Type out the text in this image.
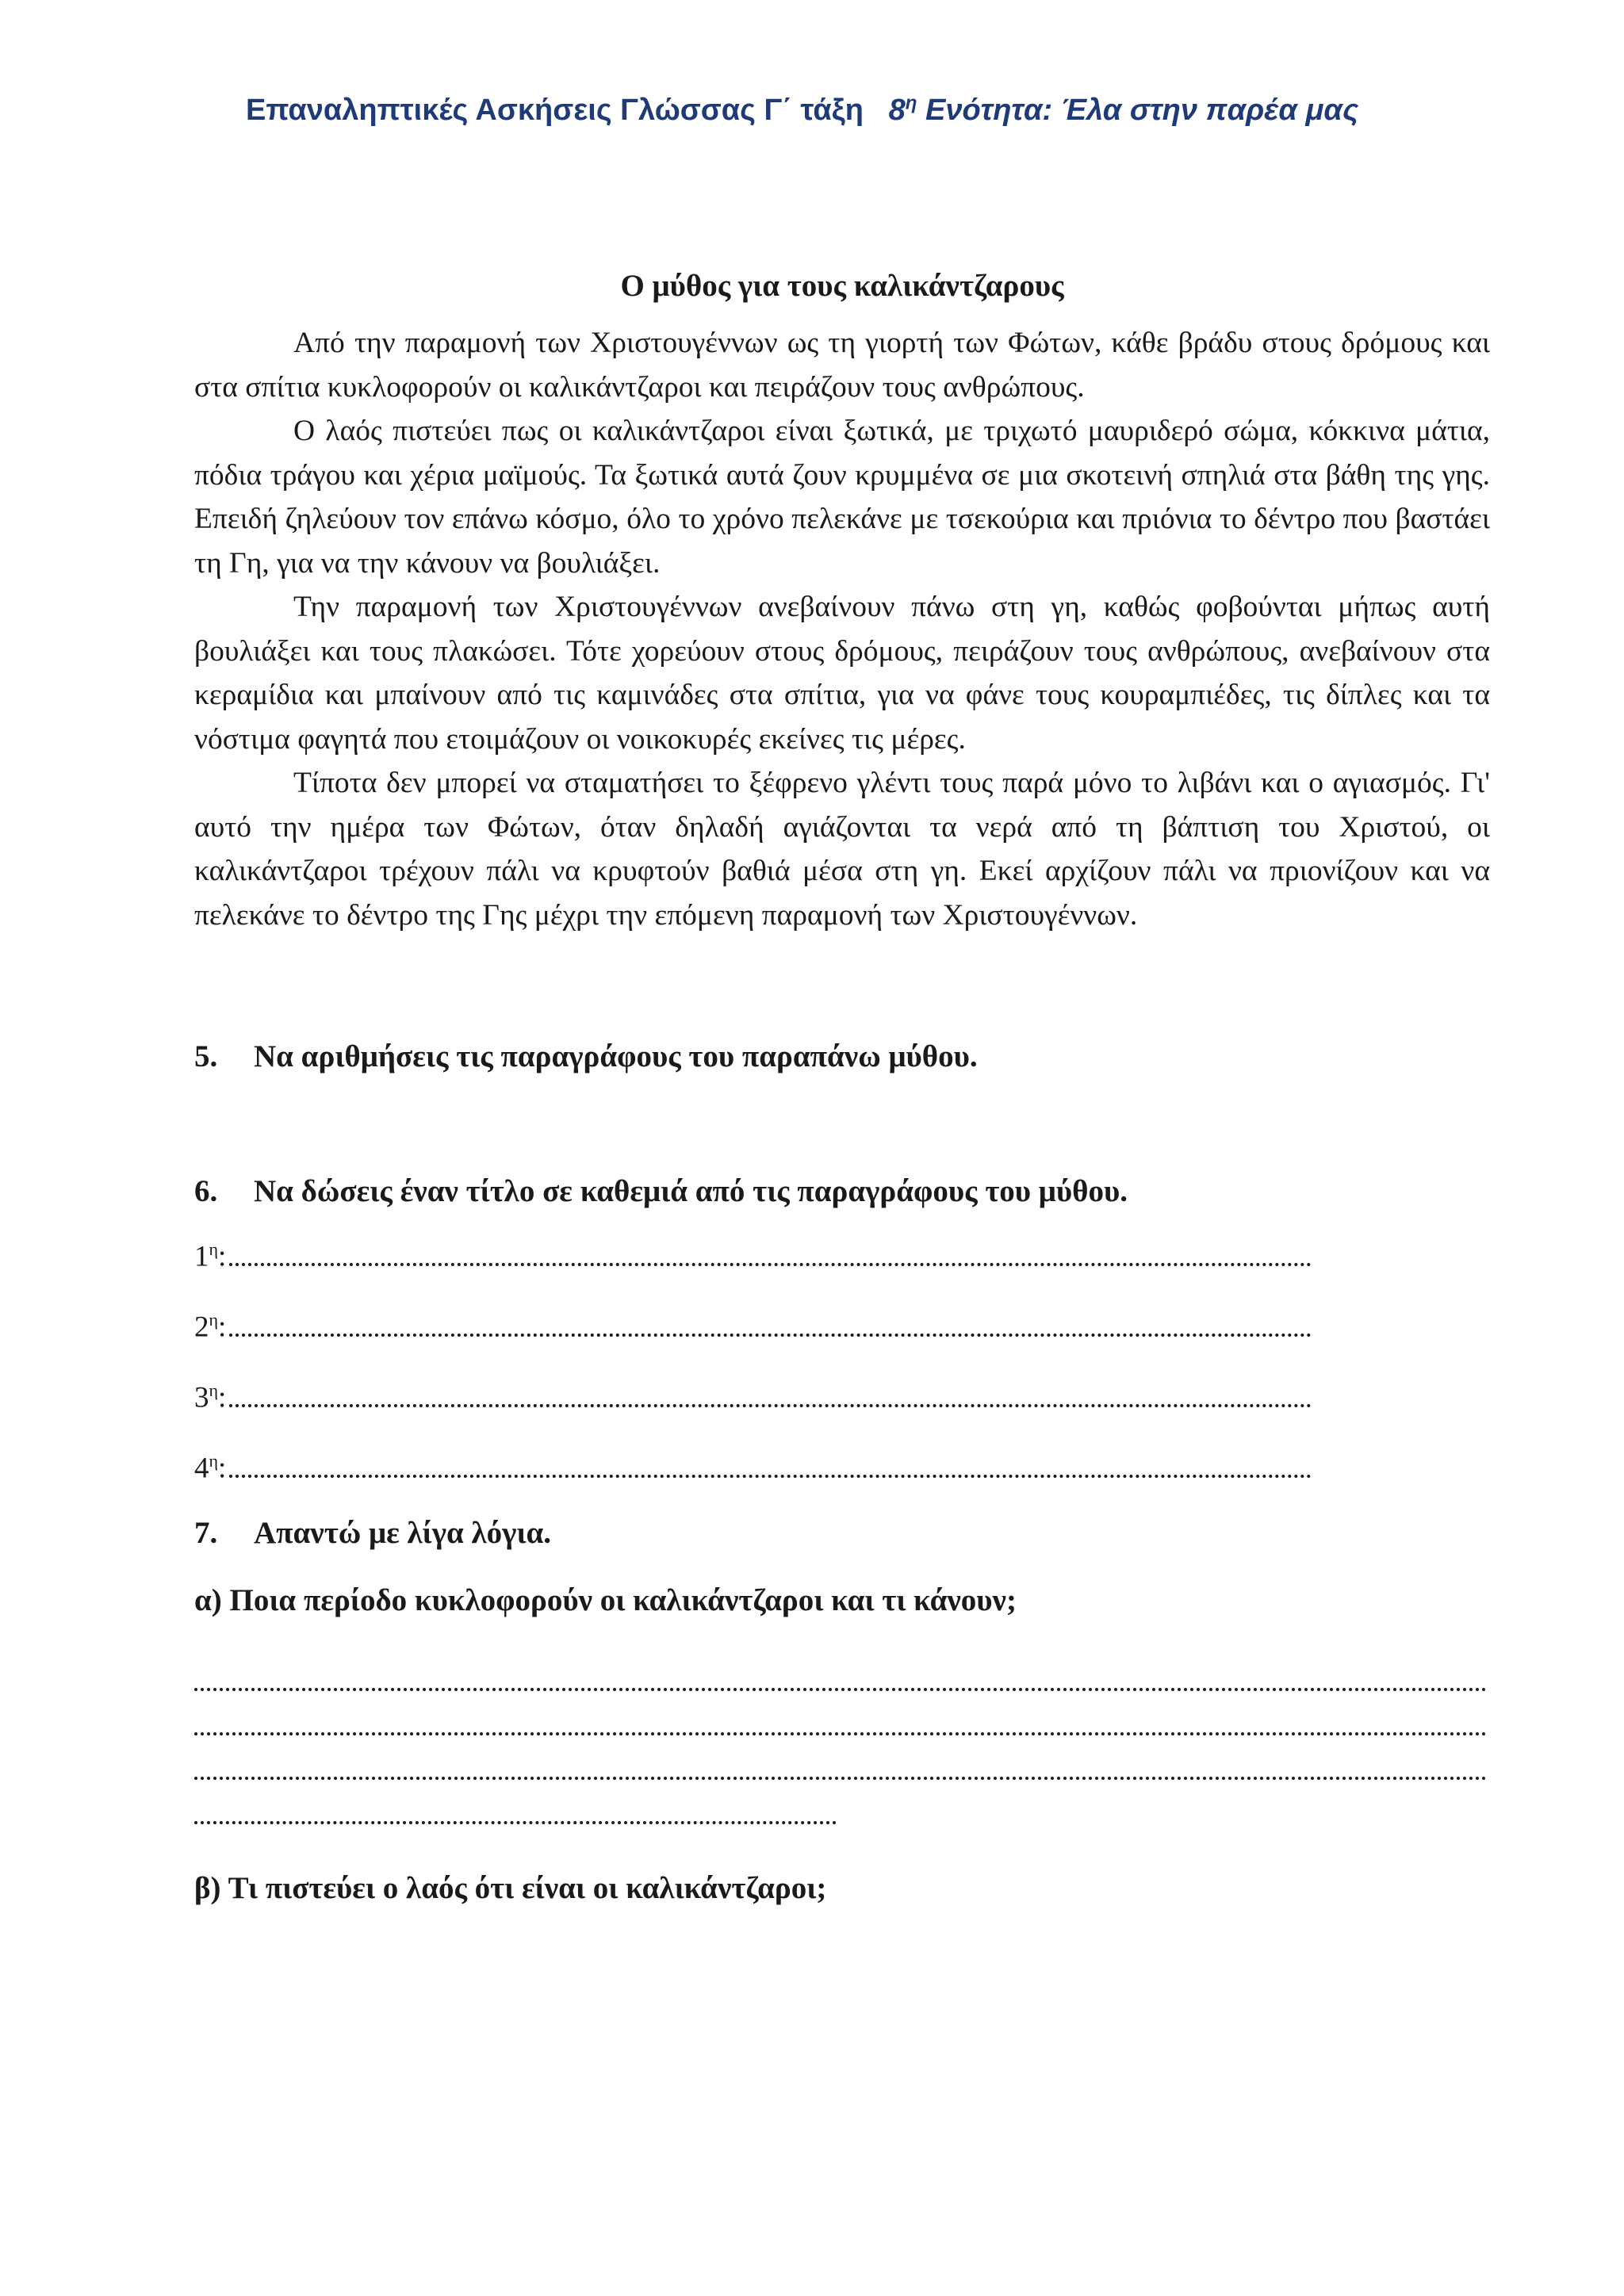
Επαναληπτικές Ασκήσεις Γλώσσας Γ΄ τάξη $8^\eta$ Ενότητα: Έλα στην παρέα μας
Ο μύθος για τους καλικάντζαρους

Από την παραμονή των Χριστουγέννων ως τη γιορτή των Φώτων, κάθε βράδυ στους δρόμους και στα σπίτια κυκλοφορούν οι καλικάντζαροι και πειράζουν τους ανθρώπους.

Ο λαός πιστεύει πως οι καλικάντζαροι είναι ξωτικά, με τριχωτό μαυριδερό σώμα, κόκκινα μάτια, πόδια τράγου και χέρια μαϊμούς. Τα ξωτικά αυτά ζουν κρυμμένα σε μια σκοτεινή σπηλιά στα βάθη της γης. Επειδή ζηλεύουν τον επάνω κόσμο, όλο το χρόνο πελεκάνε με τσεκούρια και πριόνια το δέντρο που βαστάει τη Γη, για να την κάνουν να βουλιάξει.

Την παραμονή των Χριστουγέννων ανεβαίνουν πάνω στη γη, καθώς φοβούνται μήπως αυτή βουλιάξει και τους πλακώσει. Τότε χορεύουν στους δρόμους, πειράζουν τους ανθρώπους, ανεβαίνουν στα κεραμίδια και μπαίνουν από τις καμινάδες στα σπίτια, για να φάνε τους κουραμπιέδες, τις δίπλες και τα νόστιμα φαγητά που ετοιμάζουν οι νοικοκυρές εκείνες τις μέρες.

Τίποτα δεν μπορεί να σταματήσει το ξέφρενο γλέντι τους παρά μόνο το λιβάνι και ο αγιασμός. Γι' αυτό την ημέρα των Φώτων, όταν δηλαδή αγιάζονται τα νερά από τη βάπτιση του Χριστού, οι καλικάντζαροι τρέχουν πάλι να κρυφτούν βαθιά μέσα στη γη. Εκεί αρχίζουν πάλι να πριονίζουν και να πελεκάνε το δέντρο της Γης μέχρι την επόμενη παραμονή των Χριστουγέννων.

5.	Να αριθμήσεις τις παραγράφους του παραπάνω μύθου.
6.	Να δώσεις έναν τίτλο σε καθεμιά από τις παραγράφους του μύθου.
$1^\eta$:
$2^\eta$:
$3^\eta$:
$4^\eta$:
7.	Απαντώ με λίγα λόγια.
α) Ποια περίοδο κυκλοφορούν οι καλικάντζαροι και τι κάνουν;
β) Τι πιστεύει ο λαός ότι είναι οι καλικάντζαροι;
